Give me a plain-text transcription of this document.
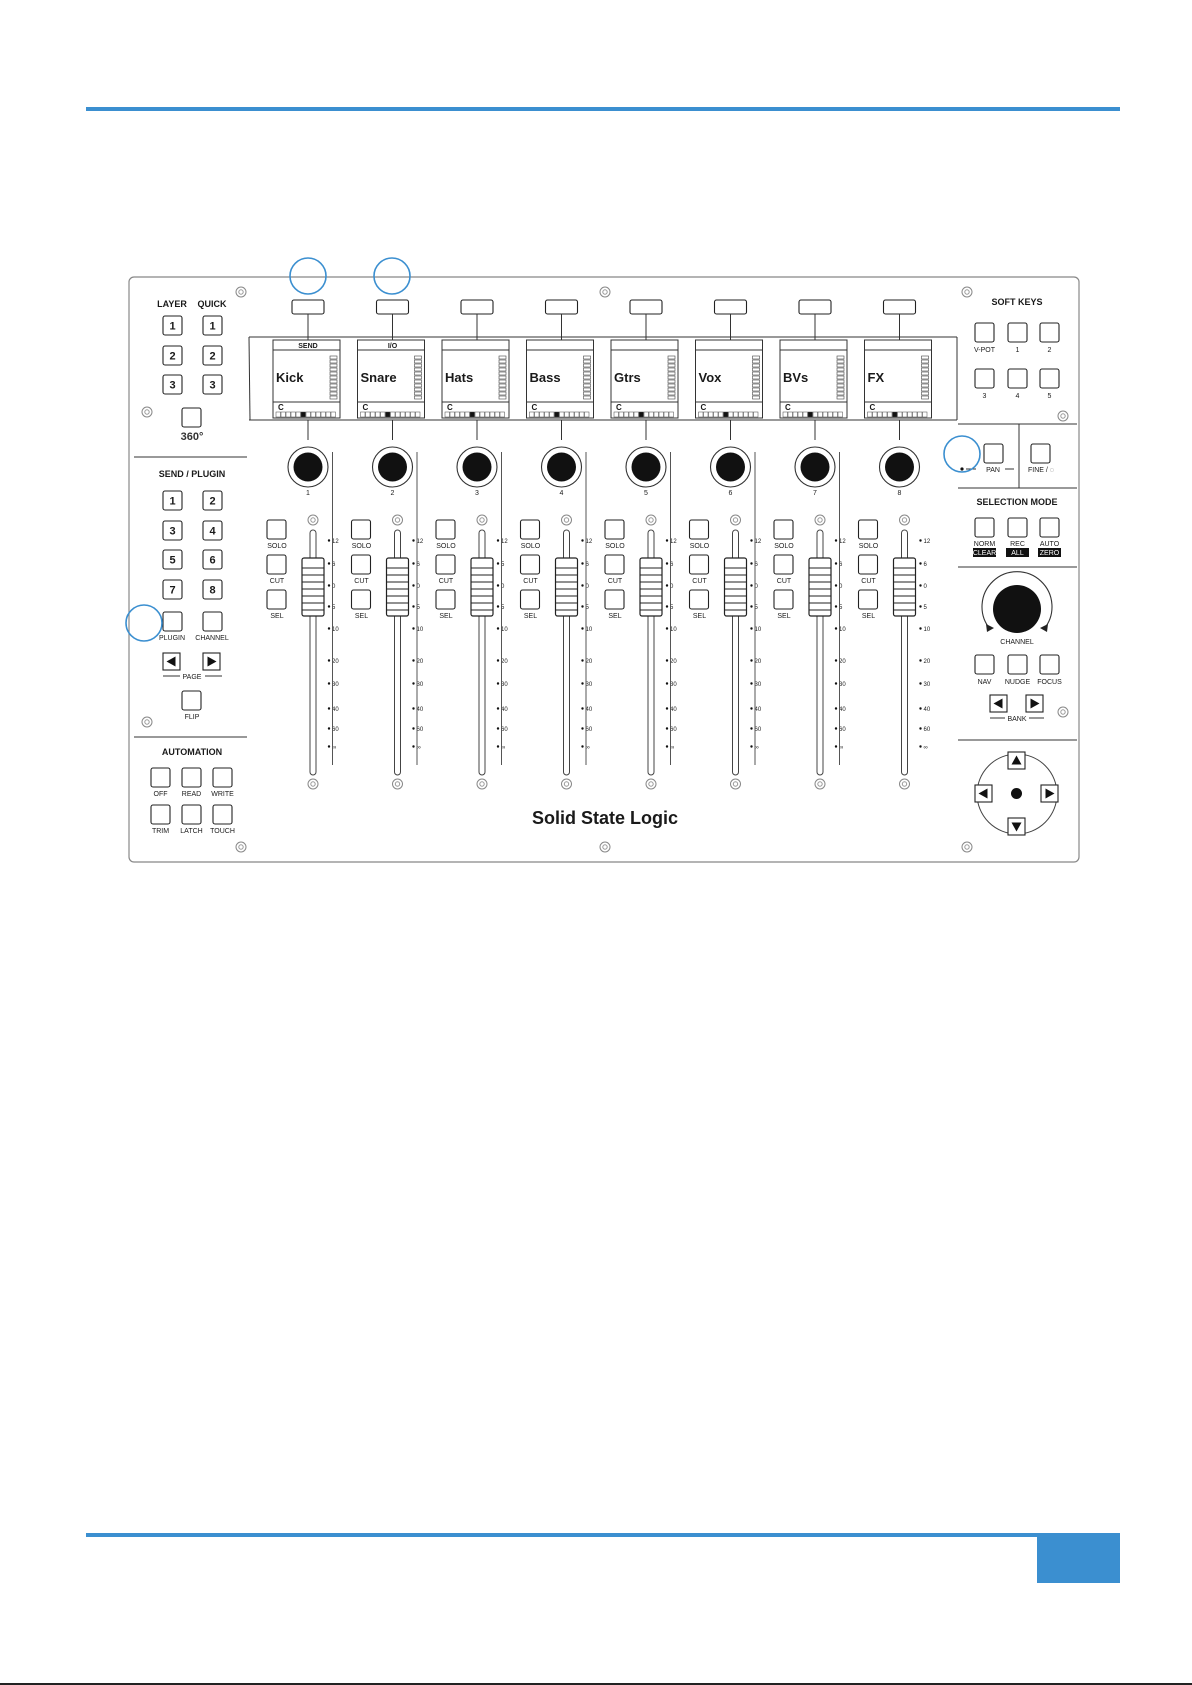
LAYER QUICK
1
2
3
1
2
3
360°
SEND / PLUGIN
1	2
3	4
5	6
7	8
PLUGIN CHANNEL
PAGE
FLIP
AUTOMATION
OFF READ WRITE
TRIM LATCH TOUCH
SEND
Kick
C
1
SOLO
CUT
SEL
12
6
0
5
10
20
30
40
60
∞
I/O
Snare
C
2
SOLO
CUT
SEL
12
6
0
5
10
20
30
40
60
∞
Hats
C
3
SOLO
CUT
SEL
12
5
0
5
10
20
30
40
60
∞
Bass
C
4
SOLO
CUT
SEL
12
6
0
5
10
20
30
40
60
∞
Gtrs
C
5
SOLO
CUT
SEL
12
6
0
5
10
20
30
40
60
∞
Vox
C
6
SOLO
CUT
SEL
12
6
0
5
10
20
30
40
60
∞
BVs
C
7
SOLO
CUT
SEL
12
6
0
5
10
20
30
40
60
∞
FX
C
8
SOLO
CUT
SEL
12
6
0
5
10
20
30
40
60
∞
Solid State Logic
SOFT KEYS
V-POT	1	2
3	4	5
PAN	FINE / ◌
SELECTION MODE
NORM
CLEAR
REC
ALL
AUTO
ZERO
CHANNEL
NAV NUDGE FOCUS
BANK
